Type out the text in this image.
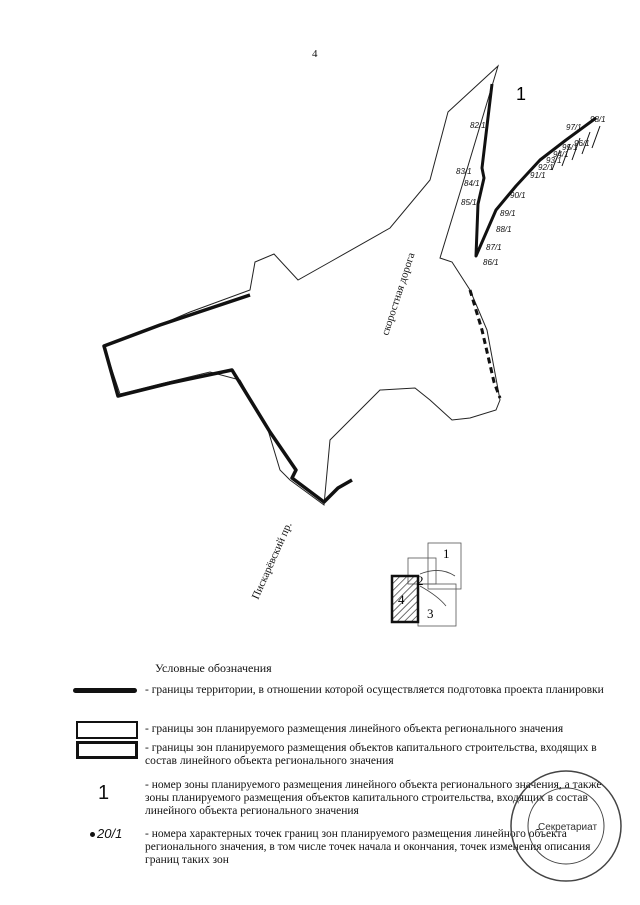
4
1
82/1
83/1
84/1
85/1
86/1
87/1
88/1
89/1
90/1
91/1
92/1
93/1
94/1
95/1
96/1
97/1
98/1
скоростная дорога
Пискарёвский пр.	1
2
3
4
Условные обозначения
- границы территории, в отношении которой осуществляется подготовка проекта планировки
- границы зон планируемого размещения линейного объекта регионального значения
- границы зон планируемого размещения объектов капитального строительства, входящих в состав линейного объекта регионального значения
1	- номер зоны планируемого размещения линейного объекта регионального значения, а также зоны планируемого размещения объектов капитального строительства, входящих в состав линейного объекта регионального значения
20/1 - номера характерных точек границ зон планируемого размещения линейного объекта регионального значения, в том числе точек начала и окончания, точек изменения описания границ таких зон
Секретариат
